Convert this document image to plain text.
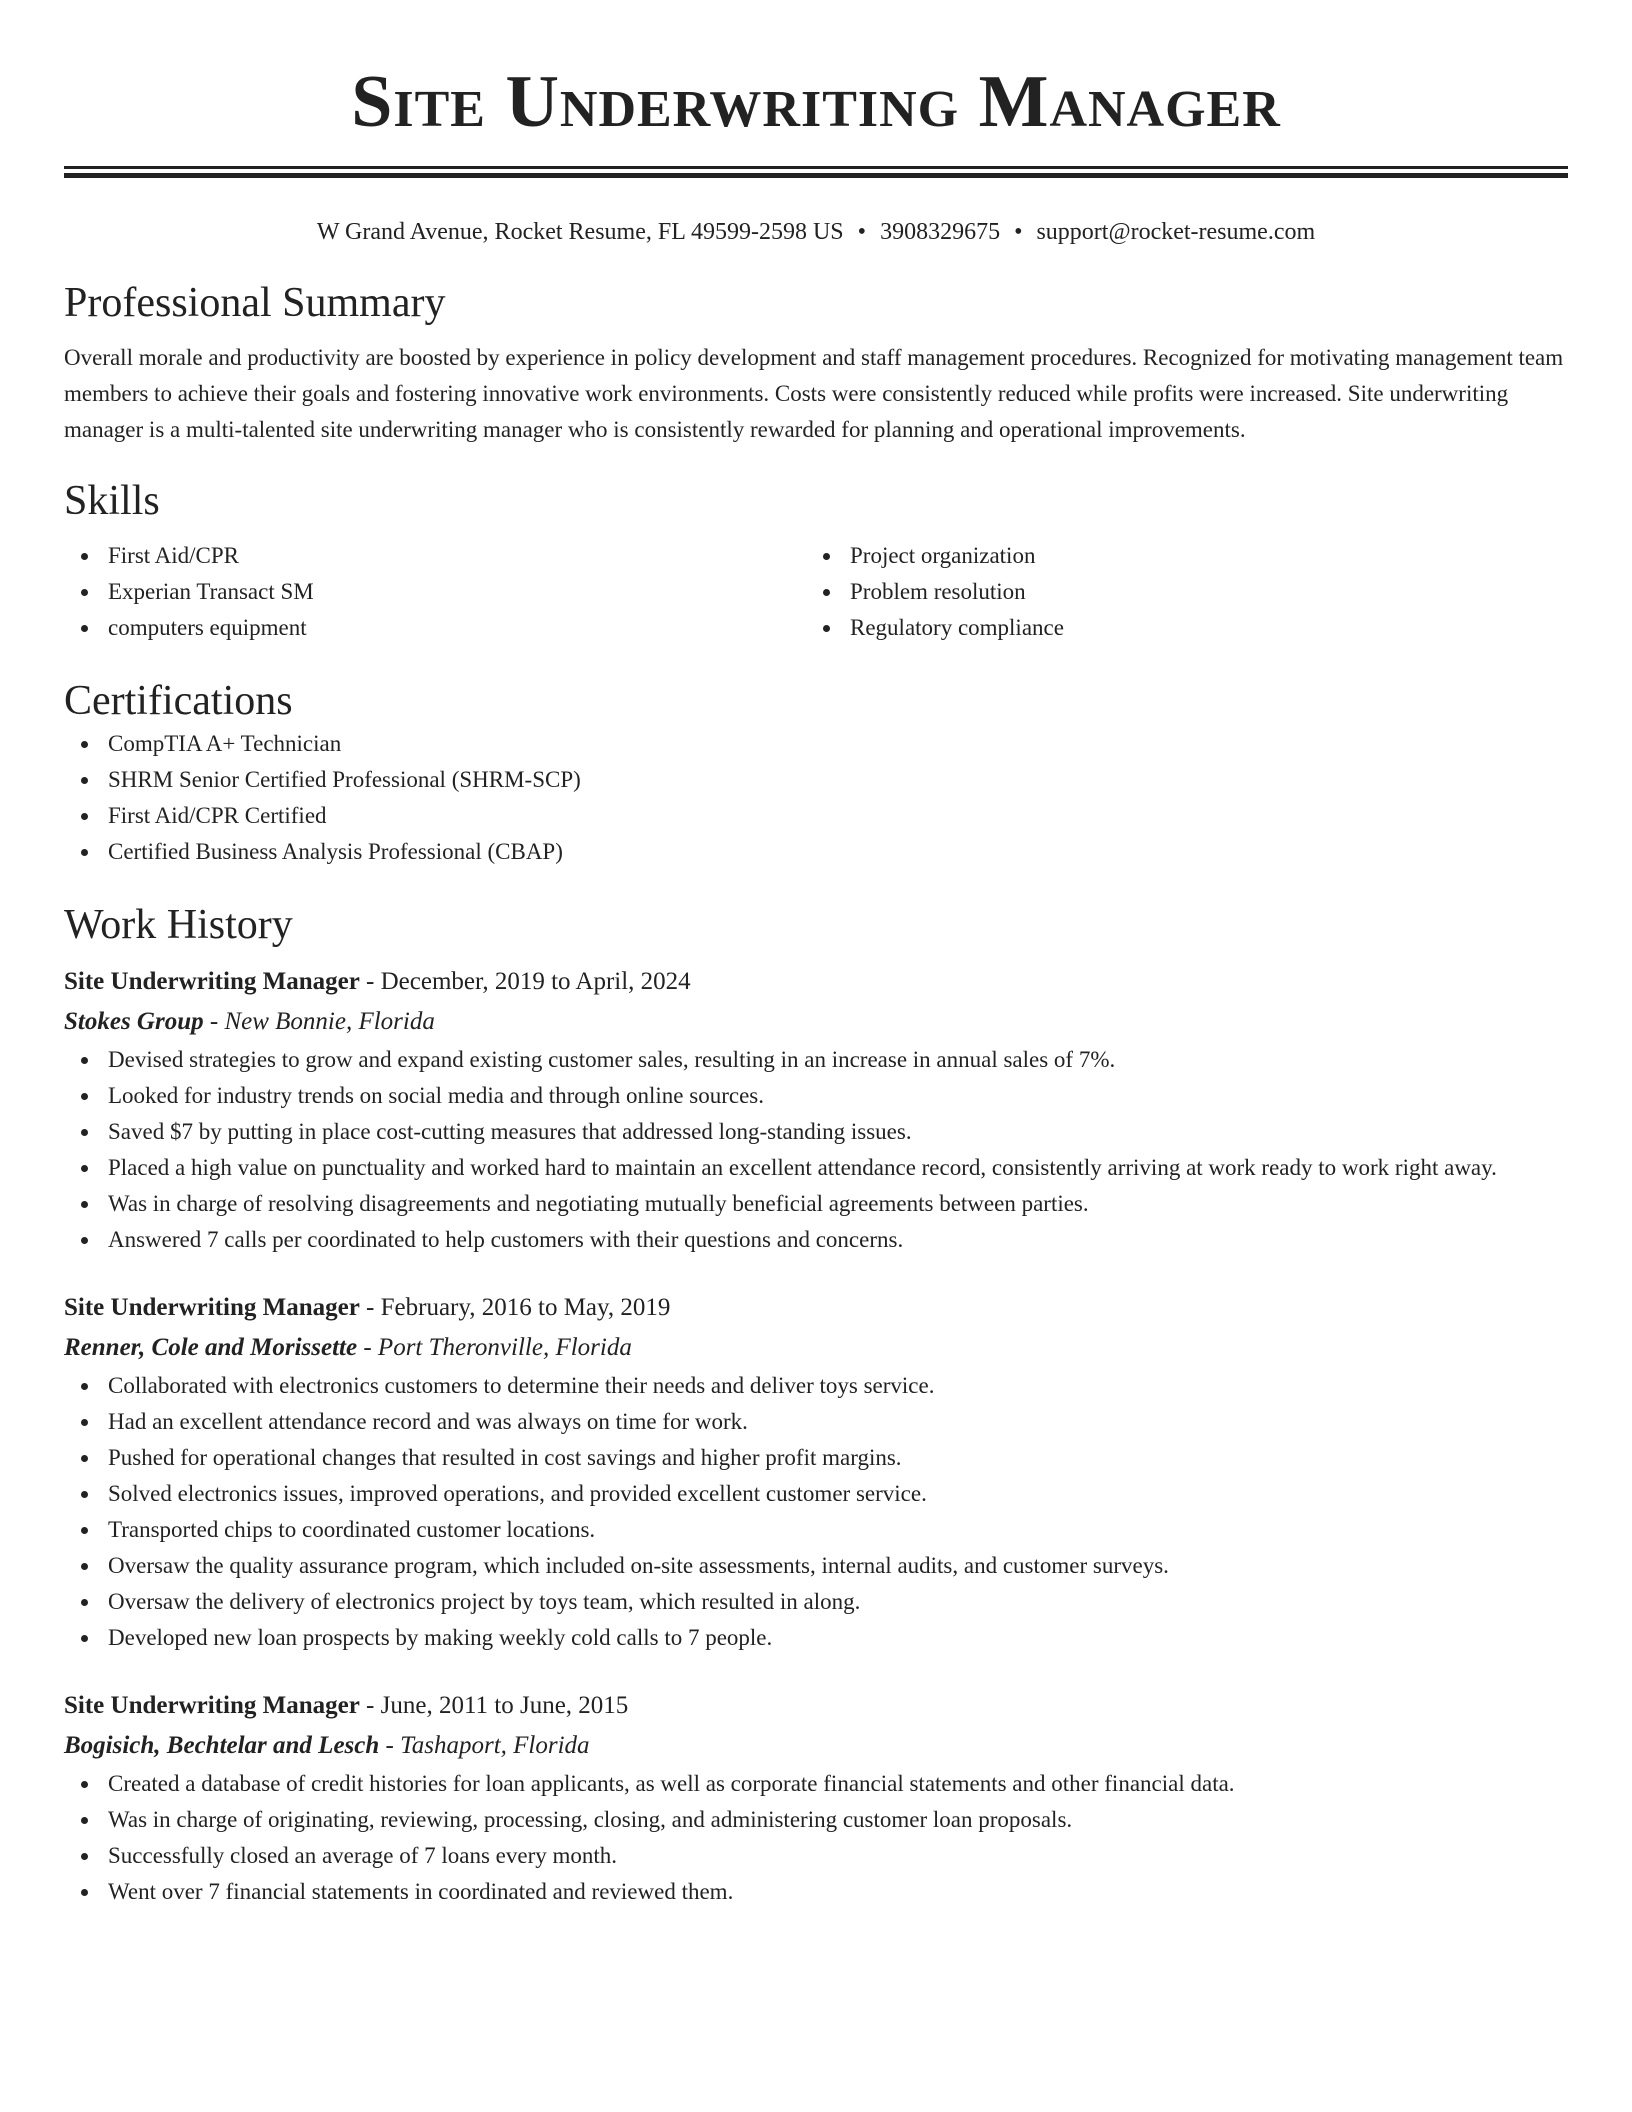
Site Underwriting Manager
W Grand Avenue, Rocket Resume, FL 49599-2598 US • 3908329675 • support@rocket-resume.com
Professional Summary

Overall morale and productivity are boosted by experience in policy development and staff management procedures. Recognized for motivating management team members to achieve their goals and fostering innovative work environments. Costs were consistently reduced while profits were increased. Site underwriting manager is a multi-talented site underwriting manager who is consistently rewarded for planning and operational improvements.

Skills
First Aid/CPR
Experian Transact SM
computers equipment
Project organization
Problem resolution
Regulatory compliance
Certifications
CompTIA A+ Technician
SHRM Senior Certified Professional (SHRM-SCP)
First Aid/CPR Certified
Certified Business Analysis Professional (CBAP)
Work History
Site Underwriting Manager - December, 2019 to April, 2024
Stokes Group - New Bonnie, Florida
Devised strategies to grow and expand existing customer sales, resulting in an increase in annual sales of 7%.
Looked for industry trends on social media and through online sources.
Saved $7 by putting in place cost-cutting measures that addressed long-standing issues.
Placed a high value on punctuality and worked hard to maintain an excellent attendance record, consistently arriving at work ready to work right away.
Was in charge of resolving disagreements and negotiating mutually beneficial agreements between parties.
Answered 7 calls per coordinated to help customers with their questions and concerns.
Site Underwriting Manager - February, 2016 to May, 2019
Renner, Cole and Morissette - Port Theronville, Florida
Collaborated with electronics customers to determine their needs and deliver toys service.
Had an excellent attendance record and was always on time for work.
Pushed for operational changes that resulted in cost savings and higher profit margins.
Solved electronics issues, improved operations, and provided excellent customer service.
Transported chips to coordinated customer locations.
Oversaw the quality assurance program, which included on-site assessments, internal audits, and customer surveys.
Oversaw the delivery of electronics project by toys team, which resulted in along.
Developed new loan prospects by making weekly cold calls to 7 people.
Site Underwriting Manager - June, 2011 to June, 2015
Bogisich, Bechtelar and Lesch - Tashaport, Florida
Created a database of credit histories for loan applicants, as well as corporate financial statements and other financial data.
Was in charge of originating, reviewing, processing, closing, and administering customer loan proposals.
Successfully closed an average of 7 loans every month.
Went over 7 financial statements in coordinated and reviewed them.
